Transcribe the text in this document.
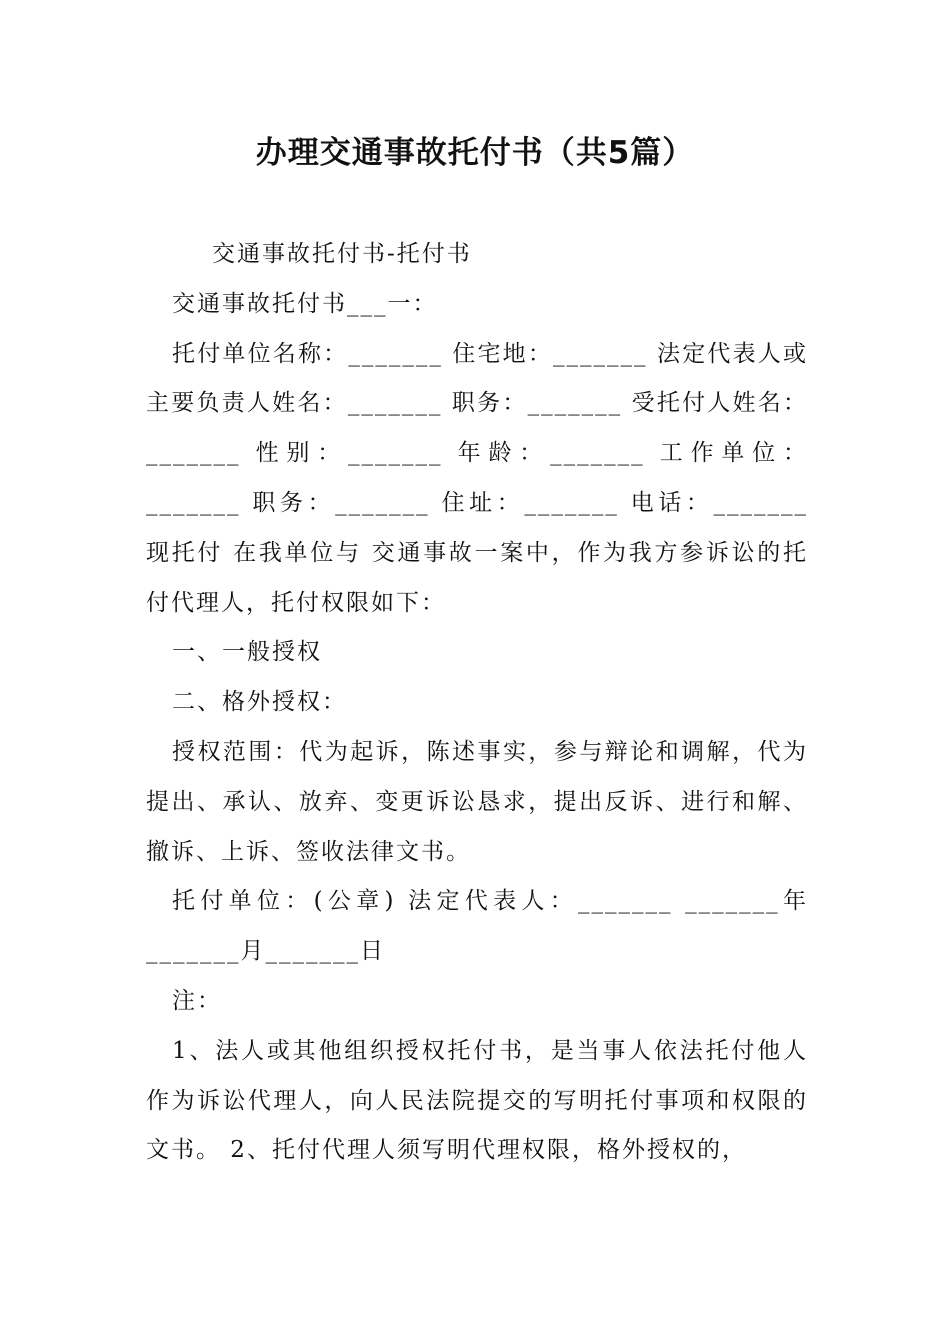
办理交通事故托付书（共5篇）

交通事故托付书-托付书

交通事故托付书___一：

托付单位名称：_______ 住宅地：_______ 法定代表人或主要负责人姓名：_______ 职务：_______ 受托付人姓名：_______ 性别：_______ 年龄：_______ 工作单位：_______ 职务：_______ 住址：_______ 电话：_______ 现托付 在我单位与 交通事故一案中，作为我方参诉讼的托付代理人，托付权限如下：

一、一般授权

二、格外授权：

授权范围：代为起诉，陈述事实，参与辩论和调解，代为提出、承认、放弃、变更诉讼恳求，提出反诉、进行和解、撤诉、上诉、签收法律文书。

托付单位：(公章) 法定代表人：_______ _______年_______月_______日

注：

1、法人或其他组织授权托付书，是当事人依法托付他人作为诉讼代理人，向人民法院提交的写明托付事项和权限的文书。 2、托付代理人须写明代理权限，格外授权的，
